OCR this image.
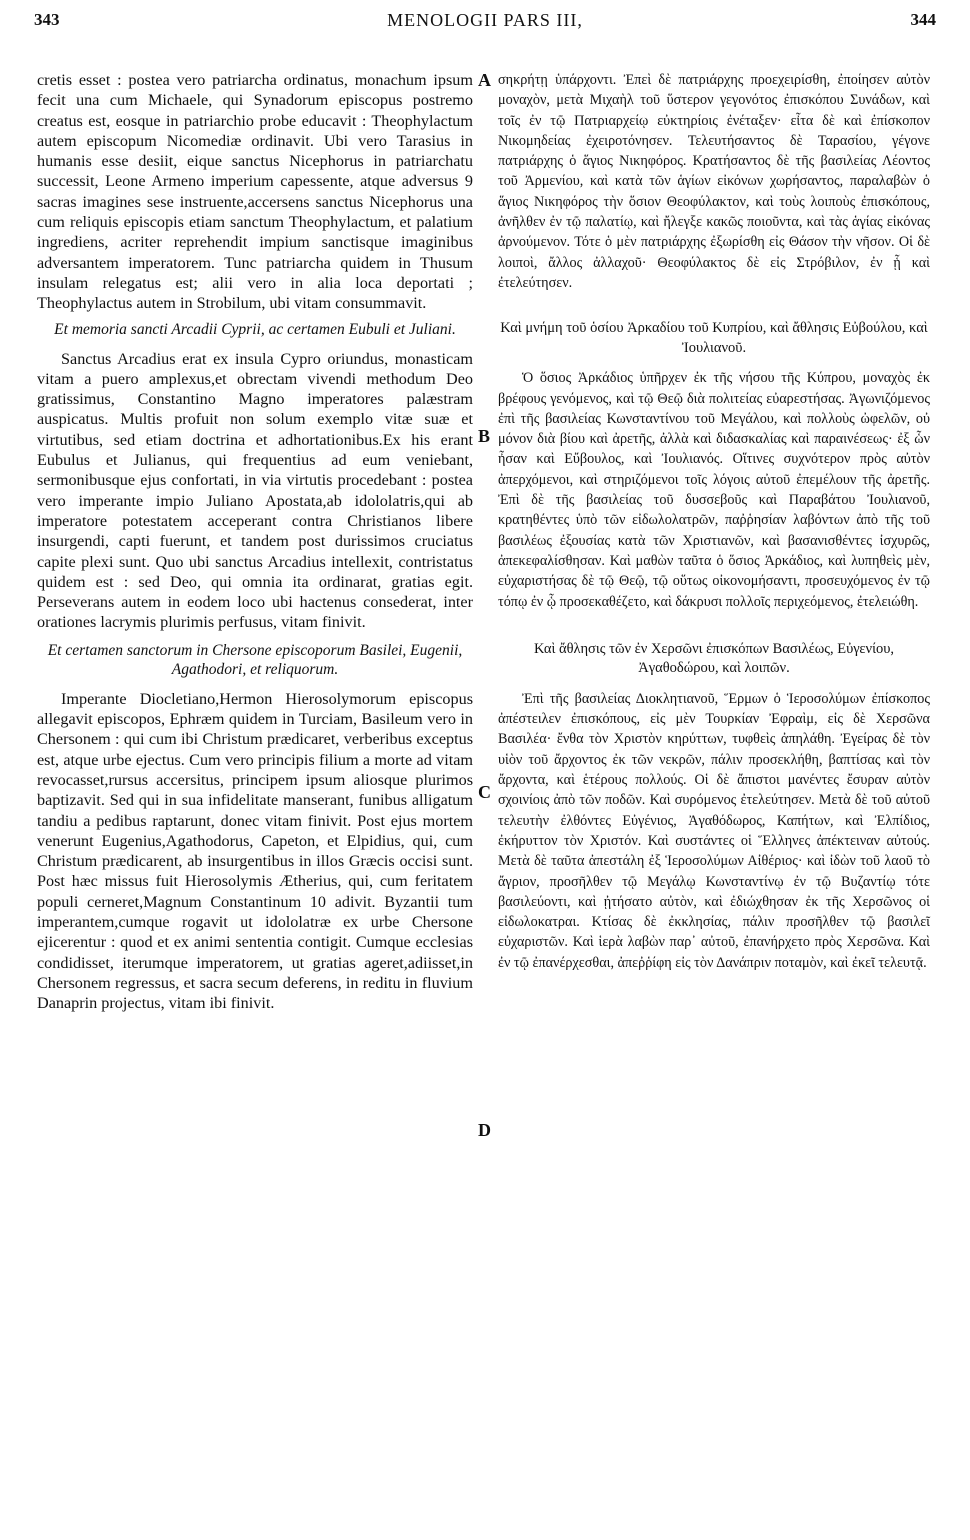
343	MENOLOGII PARS III,	344
A
B
C
D

cretis esset : postea vero patriarcha ordinatus, monachum ipsum fecit una cum Michaele, qui Synadorum episcopus postremo creatus est, eosque in patriarchio probe educavit : Theophylactum autem episcopum Nicomediæ ordinavit. Ubi vero Tarasius in humanis esse desiit, eique sanctus Nicephorus in patriarchatu successit, Leone Armeno imperium capessente, atque adversus 9 sacras imagines sese instruente,accersens sanctus Nicephorus una cum reliquis episcopis etiam sanctum Theophylactum, et palatium ingrediens, acriter reprehendit impium sanctisque imaginibus adversantem imperatorem. Tunc patriarcha quidem in Thusum insulam relegatus est; alii vero in alia loca deportati ; Theophylactus autem in Strobilum, ubi vitam consummavit.

Et memoria sancti Arcadii Cyprii, ac certamen Eubuli et Juliani.

Sanctus Arcadius erat ex insula Cypro oriundus, monasticam vitam a puero amplexus,et obrectam vivendi methodum Deo gratissimus, Constantino Magno imperatores palæstram auspicatus. Multis profuit non solum exemplo vitæ suæ et virtutibus, sed etiam doctrina et adhortationibus.Ex his erant Eubulus et Julianus, qui frequentius ad eum veniebant, sermonibusque ejus confortati, in via virtutis procedebant : postea vero imperante impio Juliano Apostata,ab idololatris,qui ab imperatore potestatem acceperant contra Christianos libere insurgendi, capti fuerunt, et tandem post durissimos cruciatus capite plexi sunt. Quo ubi sanctus Arcadius intellexit, contristatus quidem est : sed Deo, qui omnia ita ordinarat, gratias egit. Perseverans autem in eodem loco ubi hactenus consederat, inter orationes lacrymis plurimis perfusus, vitam finivit.

Et certamen sanctorum in Chersone episcoporum Basilei, Eugenii, Agathodori, et reliquorum.

Imperante Diocletiano,Hermon Hierosolymorum episcopus allegavit episcopos, Ephræm quidem in Turciam, Basileum vero in Chersonem : qui cum ibi Christum prædicaret, verberibus exceptus est, atque urbe ejectus. Cum vero principis filium a morte ad vitam revocasset,rursus accersitus, principem ipsum aliosque plurimos baptizavit. Sed qui in sua infidelitate manserant, funibus alligatum tandiu a pedibus raptarunt, donec vitam finivit. Post ejus mortem venerunt Eugenius,Agathodorus, Capeton, et Elpidius, qui, cum Christum prædicarent, ab insurgentibus in illos Græcis occisi sunt. Post hæc missus fuit Hierosolymis Ætherius, qui, cum feritatem populi cerneret,Magnum Constantinum 10 adivit. Byzantii tum imperantem,cumque rogavit ut idololatræ ex urbe Chersone ejicerentur : quod et ex animi sententia contigit. Cumque ecclesias condidisset, iterumque imperatorem, ut gratias ageret,adiisset,in Chersonem regressus, et sacra secum deferens, in reditu in fluvium Danaprin projectus, vitam ibi finivit.

σηκρήτῃ ὑπάρχοντι. Ἐπεὶ δὲ πατριάρχης προεχειρίσθη, ἐποίησεν αὐτὸν μοναχὸν, μετὰ Μιχαὴλ τοῦ ὕστερον γεγονότος ἐπισκόπου Συνάδων, καὶ τοῖς ἐν τῷ Πατριαρχείῳ εὐκτηρίοις ἐνέταξεν· εἶτα δὲ καὶ ἐπίσκοπον Νικομηδείας ἐχειροτόνησεν. Τελευτήσαντος δὲ Ταρασίου, γέγονε πατριάρχης ὁ ἅγιος Νικηφόρος. Κρατήσαντος δὲ τῆς βασιλείας Λέοντος τοῦ Ἀρμενίου, καὶ κατὰ τῶν ἁγίων εἰκόνων χωρήσαντος, παραλαβὼν ὁ ἅγιος Νικηφόρος τὴν ὅσιον Θεοφύλακτον, καὶ τοὺς λοιποὺς ἐπισκόπους, ἀνῆλθεν ἐν τῷ παλατίῳ, καὶ ἤλεγξε κακῶς ποιοῦντα, καὶ τὰς ἁγίας εἰκόνας ἀρνούμενον. Τότε ὁ μὲν πατριάρχης ἐξωρίσθη εἰς Θάσον τὴν νῆσον. Οἱ δὲ λοιποὶ, ἄλλος ἀλλαχοῦ· Θεοφύλακτος δὲ εἰς Στρόβιλον, ἐν ᾗ καὶ ἐτελεύτησεν.

Καὶ μνήμη τοῦ ὁσίου Ἀρκαδίου τοῦ Κυπρίου, καὶ ἄθλησις Εὐβούλου, καὶ Ἰουλιανοῦ.

Ὁ ὅσιος Ἀρκάδιος ὑπῆρχεν ἐκ τῆς νήσου τῆς Κύπρου, μοναχὸς ἐκ βρέφους γενόμενος, καὶ τῷ Θεῷ διὰ πολιτείας εὐαρεστήσας. Ἀγωνιζόμενος ἐπὶ τῆς βασιλείας Κωνσταντίνου τοῦ Μεγάλου, καὶ πολλοὺς ὠφελῶν, οὐ μόνον διὰ βίου καὶ ἀρετῆς, ἀλλὰ καὶ διδασκαλίας καὶ παραινέσεως· ἐξ ὧν ἦσαν καὶ Εὔβουλος, καὶ Ἰουλιανός. Οἵτινες συχνότερον πρὸς αὐτὸν ἀπερχόμενοι, καὶ στηριζόμενοι τοῖς λόγοις αὐτοῦ ἐπεμέλουν τῆς ἀρετῆς. Ἐπὶ δὲ τῆς βασιλείας τοῦ δυσσεβοῦς καὶ Παραβάτου Ἰουλιανοῦ, κρατηθέντες ὑπὸ τῶν εἰδωλολατρῶν, παῤῥησίαν λαβόντων ἀπὸ τῆς τοῦ βασιλέως ἐξουσίας κατὰ τῶν Χριστιανῶν, καὶ βασανισθέντες ἰσχυρῶς, ἀπεκεφαλίσθησαν. Καὶ μαθὼν ταῦτα ὁ ὅσιος Ἀρκάδιος, καὶ λυπηθεὶς μὲν, εὐχαριστήσας δὲ τῷ Θεῷ, τῷ οὕτως οἰκονομήσαντι, προσευχόμενος ἐν τῷ τόπῳ ἐν ᾧ προσεκαθέζετο, καὶ δάκρυσι πολλοῖς περιχεόμενος, ἐτελειώθη.

Καὶ ἄθλησις τῶν ἐν Χερσῶνι ἐπισκόπων Βασιλέως, Εὐγενίου, Ἀγαθοδώρου, καὶ λοιπῶν.

Ἐπὶ τῆς βασιλείας Διοκλητιανοῦ, Ἕρμων ὁ Ἱεροσολύμων ἐπίσκοπος ἀπέστειλεν ἐπισκόπους, εἰς μὲν Τουρκίαν Ἐφραὶμ, εἰς δὲ Χερσῶνα Βασιλέα· ἔνθα τὸν Χριστὸν κηρύττων, τυφθεὶς ἀπηλάθη. Ἐγείρας δὲ τὸν υἱὸν τοῦ ἄρχοντος ἐκ τῶν νεκρῶν, πάλιν προσεκλήθη, βαπτίσας καὶ τὸν ἄρχοντα, καὶ ἑτέρους πολλούς. Οἱ δὲ ἄπιστοι μανέντες ἔσυραν αὐτὸν σχοινίοις ἀπὸ τῶν ποδῶν. Καὶ συρόμενος ἐτελεύτησεν. Μετὰ δὲ τοῦ αὐτοῦ τελευτὴν ἐλθόντες Εὐγένιος, Ἀγαθόδωρος, Καπήτων, καὶ Ἐλπίδιος, ἐκήρυττον τὸν Χριστόν. Καὶ συστάντες οἱ Ἕλληνες ἀπέκτειναν αὐτούς. Μετὰ δὲ ταῦτα ἀπεστάλη ἐξ Ἱεροσολύμων Αἰθέριος· καὶ ἰδὼν τοῦ λαοῦ τὸ ἄγριον, προσῆλθεν τῷ Μεγάλῳ Κωνσταντίνῳ ἐν τῷ Βυζαντίῳ τότε βασιλεύοντι, καὶ ᾐτήσατο αὐτὸν, καὶ ἐδιώχθησαν ἐκ τῆς Χερσῶνος οἱ εἰδωλοκατραι. Κτίσας δὲ ἐκκλησίας, πάλιν προσῆλθεν τῷ βασιλεῖ εὐχαριστῶν. Καὶ ἱερὰ λαβὼν παρ᾽ αὐτοῦ, ἐπανήρχετο πρὸς Χερσῶνα. Καὶ ἐν τῷ ἐπανέρχεσθαι, ἀπεῤῥίφη εἰς τὸν Δανάπριν ποταμὸν, καὶ ἐκεῖ τελευτᾷ.
